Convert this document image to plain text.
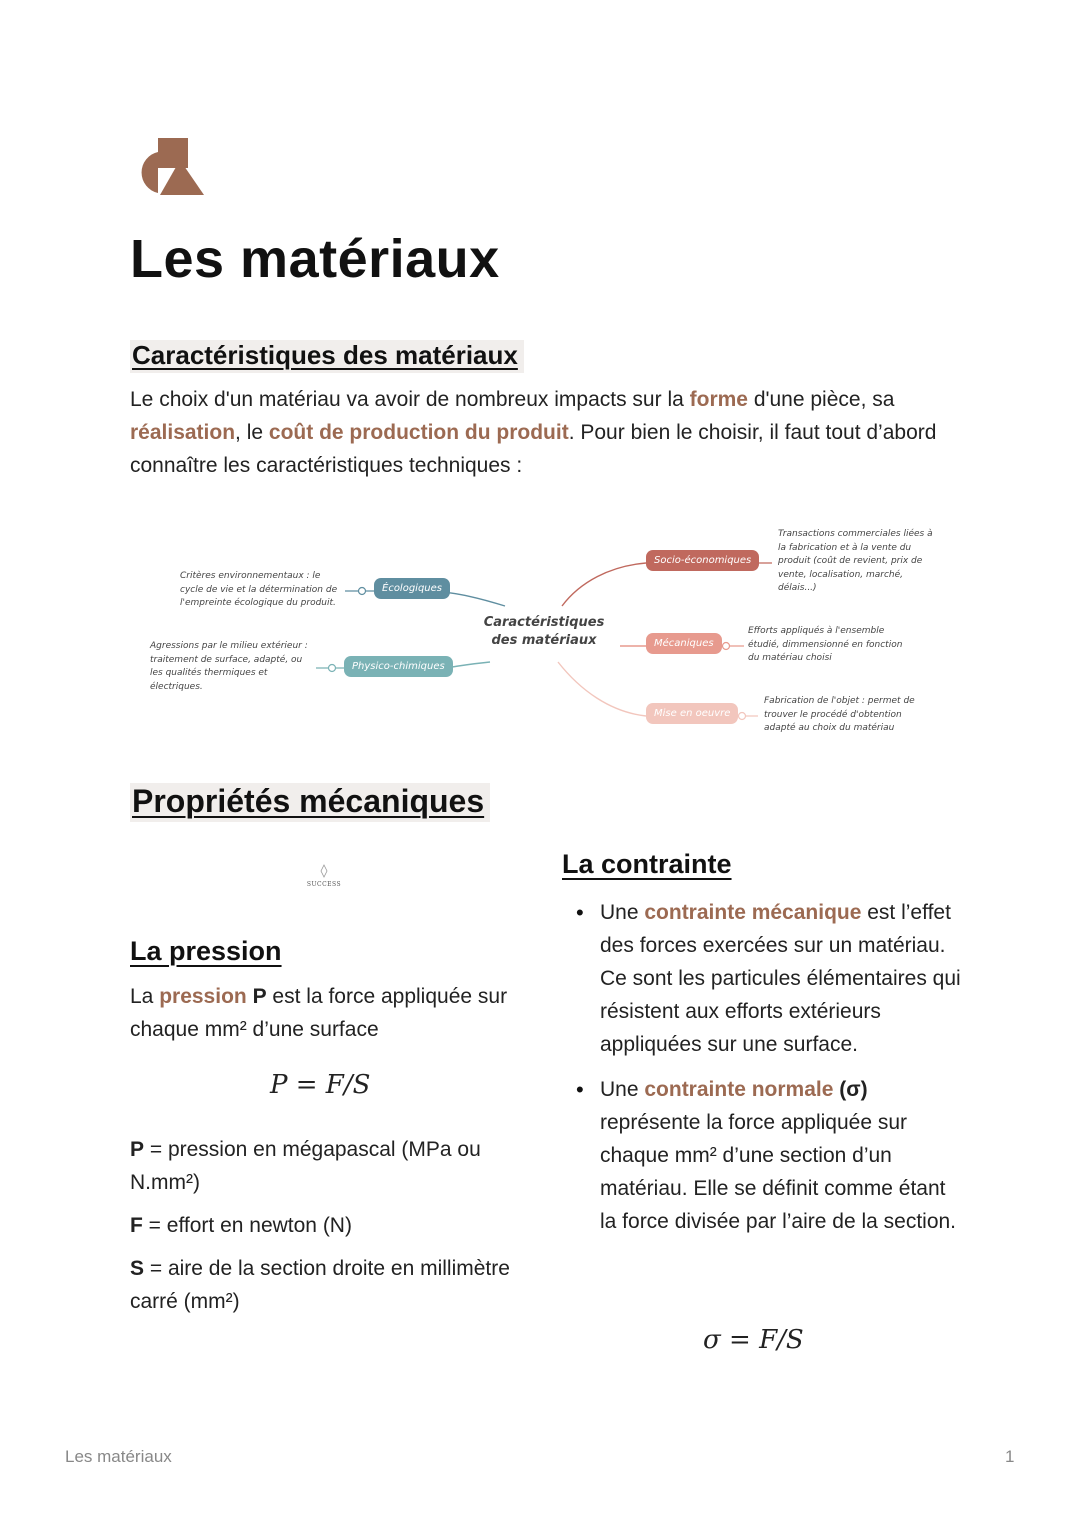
Les matériaux
Caractéristiques des matériaux

Le choix d'un matériau va avoir de nombreux impacts sur la forme d'une pièce, sa réalisation, le coût de production du produit. Pour bien le choisir, il faut tout d’abord connaître les caractéristiques techniques :

Caractéristiques des matériaux
Écologiques
Critères environnementaux : le cycle de vie et la détermination de l'empreinte écologique du produit.
Physico-chimiques
Agressions par le milieu extérieur : traitement de surface, adapté, ou les qualités thermiques et électriques.
Socio-économiques
Transactions commerciales liées à la fabrication et à la vente du produit (coût de revient, prix de vente, localisation, marché, délais...)
Mécaniques
Efforts appliqués à l'ensemble étudié, dimmensionné en fonction du matériau choisi
Mise en oeuvre
Fabrication de l'objet : permet de trouver le procédé d'obtention adapté au choix du matériau
Propriétés mécaniques
SUCCESS
La pression

La pression P est la force appliquée sur chaque mm² d’une surface

P = F/S

P = pression en mégapascal (MPa ou N.mm²)

F = effort en newton (N)

S = aire de la section droite en millimètre carré (mm²)

La contrainte
• Une contrainte mécanique est l’effet des forces exercées sur un matériau. Ce sont les particules élémentaires qui résistent aux efforts extérieurs appliquées sur une surface.
• Une contrainte normale (σ) représente la force appliquée sur chaque mm² d’une section d’un matériau. Elle se définit comme étant la force divisée par l’aire de la section.
σ = F/S
Les matériaux	1
